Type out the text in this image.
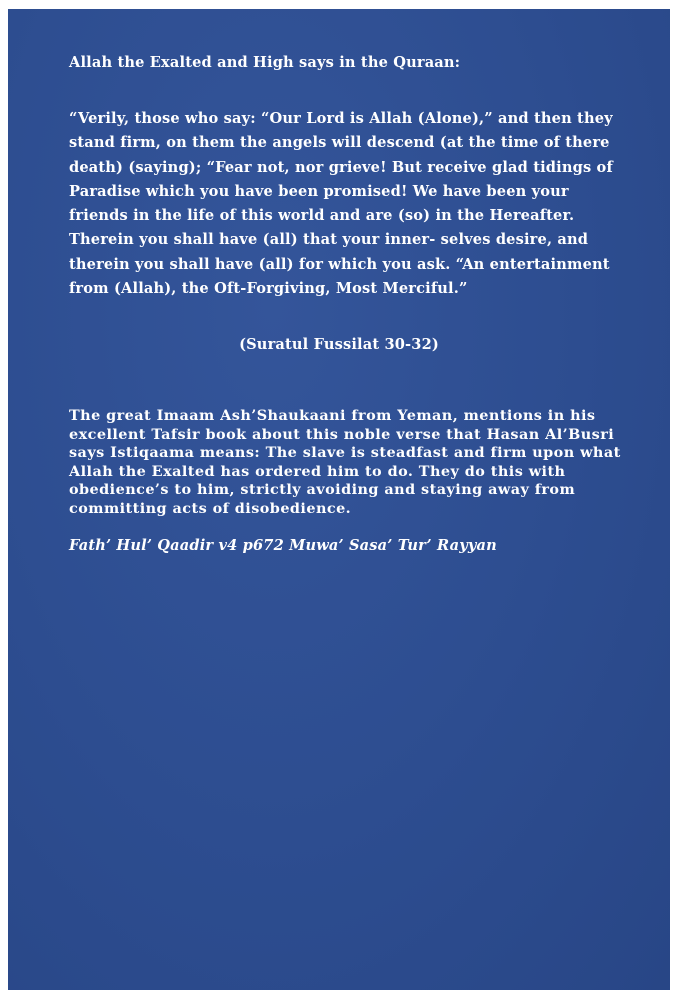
Allah the Exalted and High says in the Quraan:

“Verily, those who say: “Our Lord is Allah (Alone),” and then they stand firm, on them the angels will descend (at the time of there death) (saying); “Fear not, nor grieve! But receive glad tidings of Paradise which you have been promised! We have been your friends in the life of this world and are (so) in the Hereafter. Therein you shall have (all) that your inner- selves desire, and therein you shall have (all) for which you ask. “An entertainment from (Allah), the Oft-Forgiving, Most Merciful.”

(Suratul Fussilat 30-32)

The great Imaam Ash’Shaukaani from Yeman, mentions in his excellent Tafsir book about this noble verse that Hasan Al’Busri says Istiqaama means: The slave is steadfast and firm upon what Allah the Exalted has ordered him to do. They do this with obedience’s to him, strictly avoiding and staying away from committing acts of disobedience.

Fath’ Hul’ Qaadir v4 p672 Muwa’ Sasa’ Tur’ Rayyan
